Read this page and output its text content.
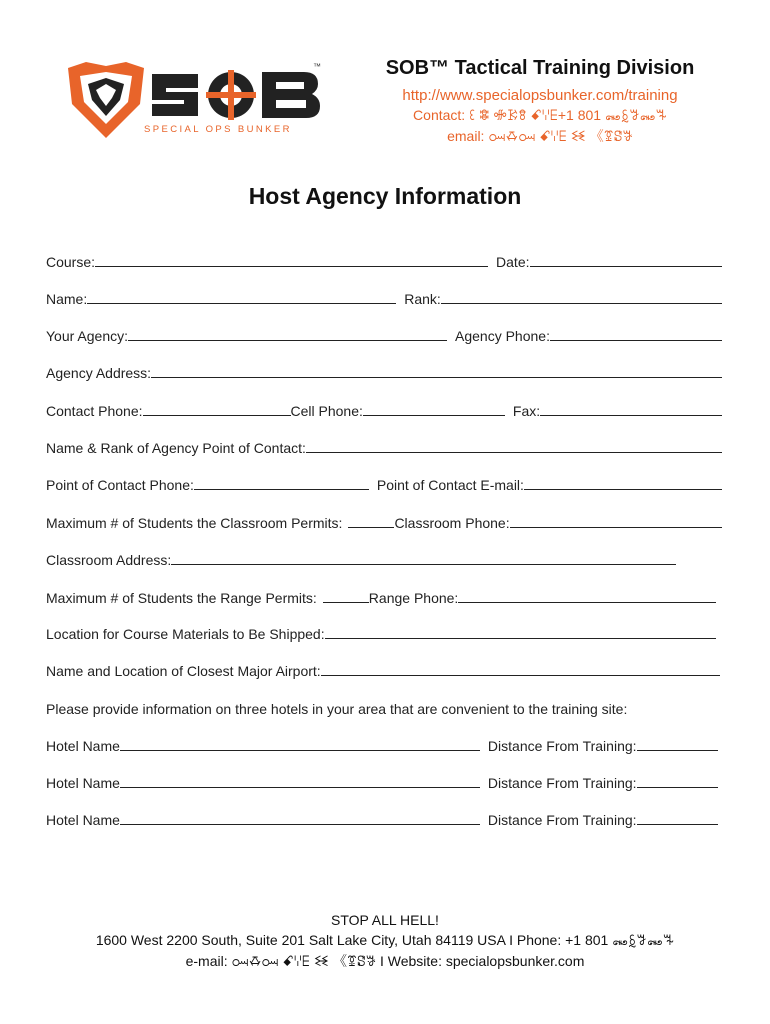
SPECIAL OPS BUNKER
™	SOB™ Tactical Training Division
http://www.specialopsbunker.com/training
Contact: ꘓ ꗵ ꗂꗣꗉ ꗃꗷꗋ+1 801 ꘏ꗐꗌ꘏ꘔ
email: ꗢꗇꗢ ꗃꗷꗋ ꘒ 《ꗒꗟꗎ
Host Agency Information
Course:	Date:
Name:	Rank:
Your Agency:	Agency Phone:
Agency Address:
Contact Phone:	Cell Phone:	Fax:
Name & Rank of Agency Point of Contact:
Point of Contact Phone:	Point of Contact E-mail:
Maximum # of Students the Classroom Permits:	Classroom Phone:
Classroom Address:
Maximum # of Students the Range Permits:	Range Phone:
Location for Course Materials to Be Shipped:
Name and Location of Closest Major Airport:
Please provide information on three hotels in your area that are convenient to the training site:
Hotel Name	Distance From Training:
Hotel Name	Distance From Training:
Hotel Name	Distance From Training:
STOP ALL HELL!
1600 West 2200 South, Suite 201 Salt Lake City, Utah 84119 USA I Phone: +1 801 ꘏ꗐꗌ꘏ꘔ
e-mail: ꗢꗇꗢ ꗃꗷꗋ ꘒ 《ꗒꗟꗎ I Website: specialopsbunker.com
